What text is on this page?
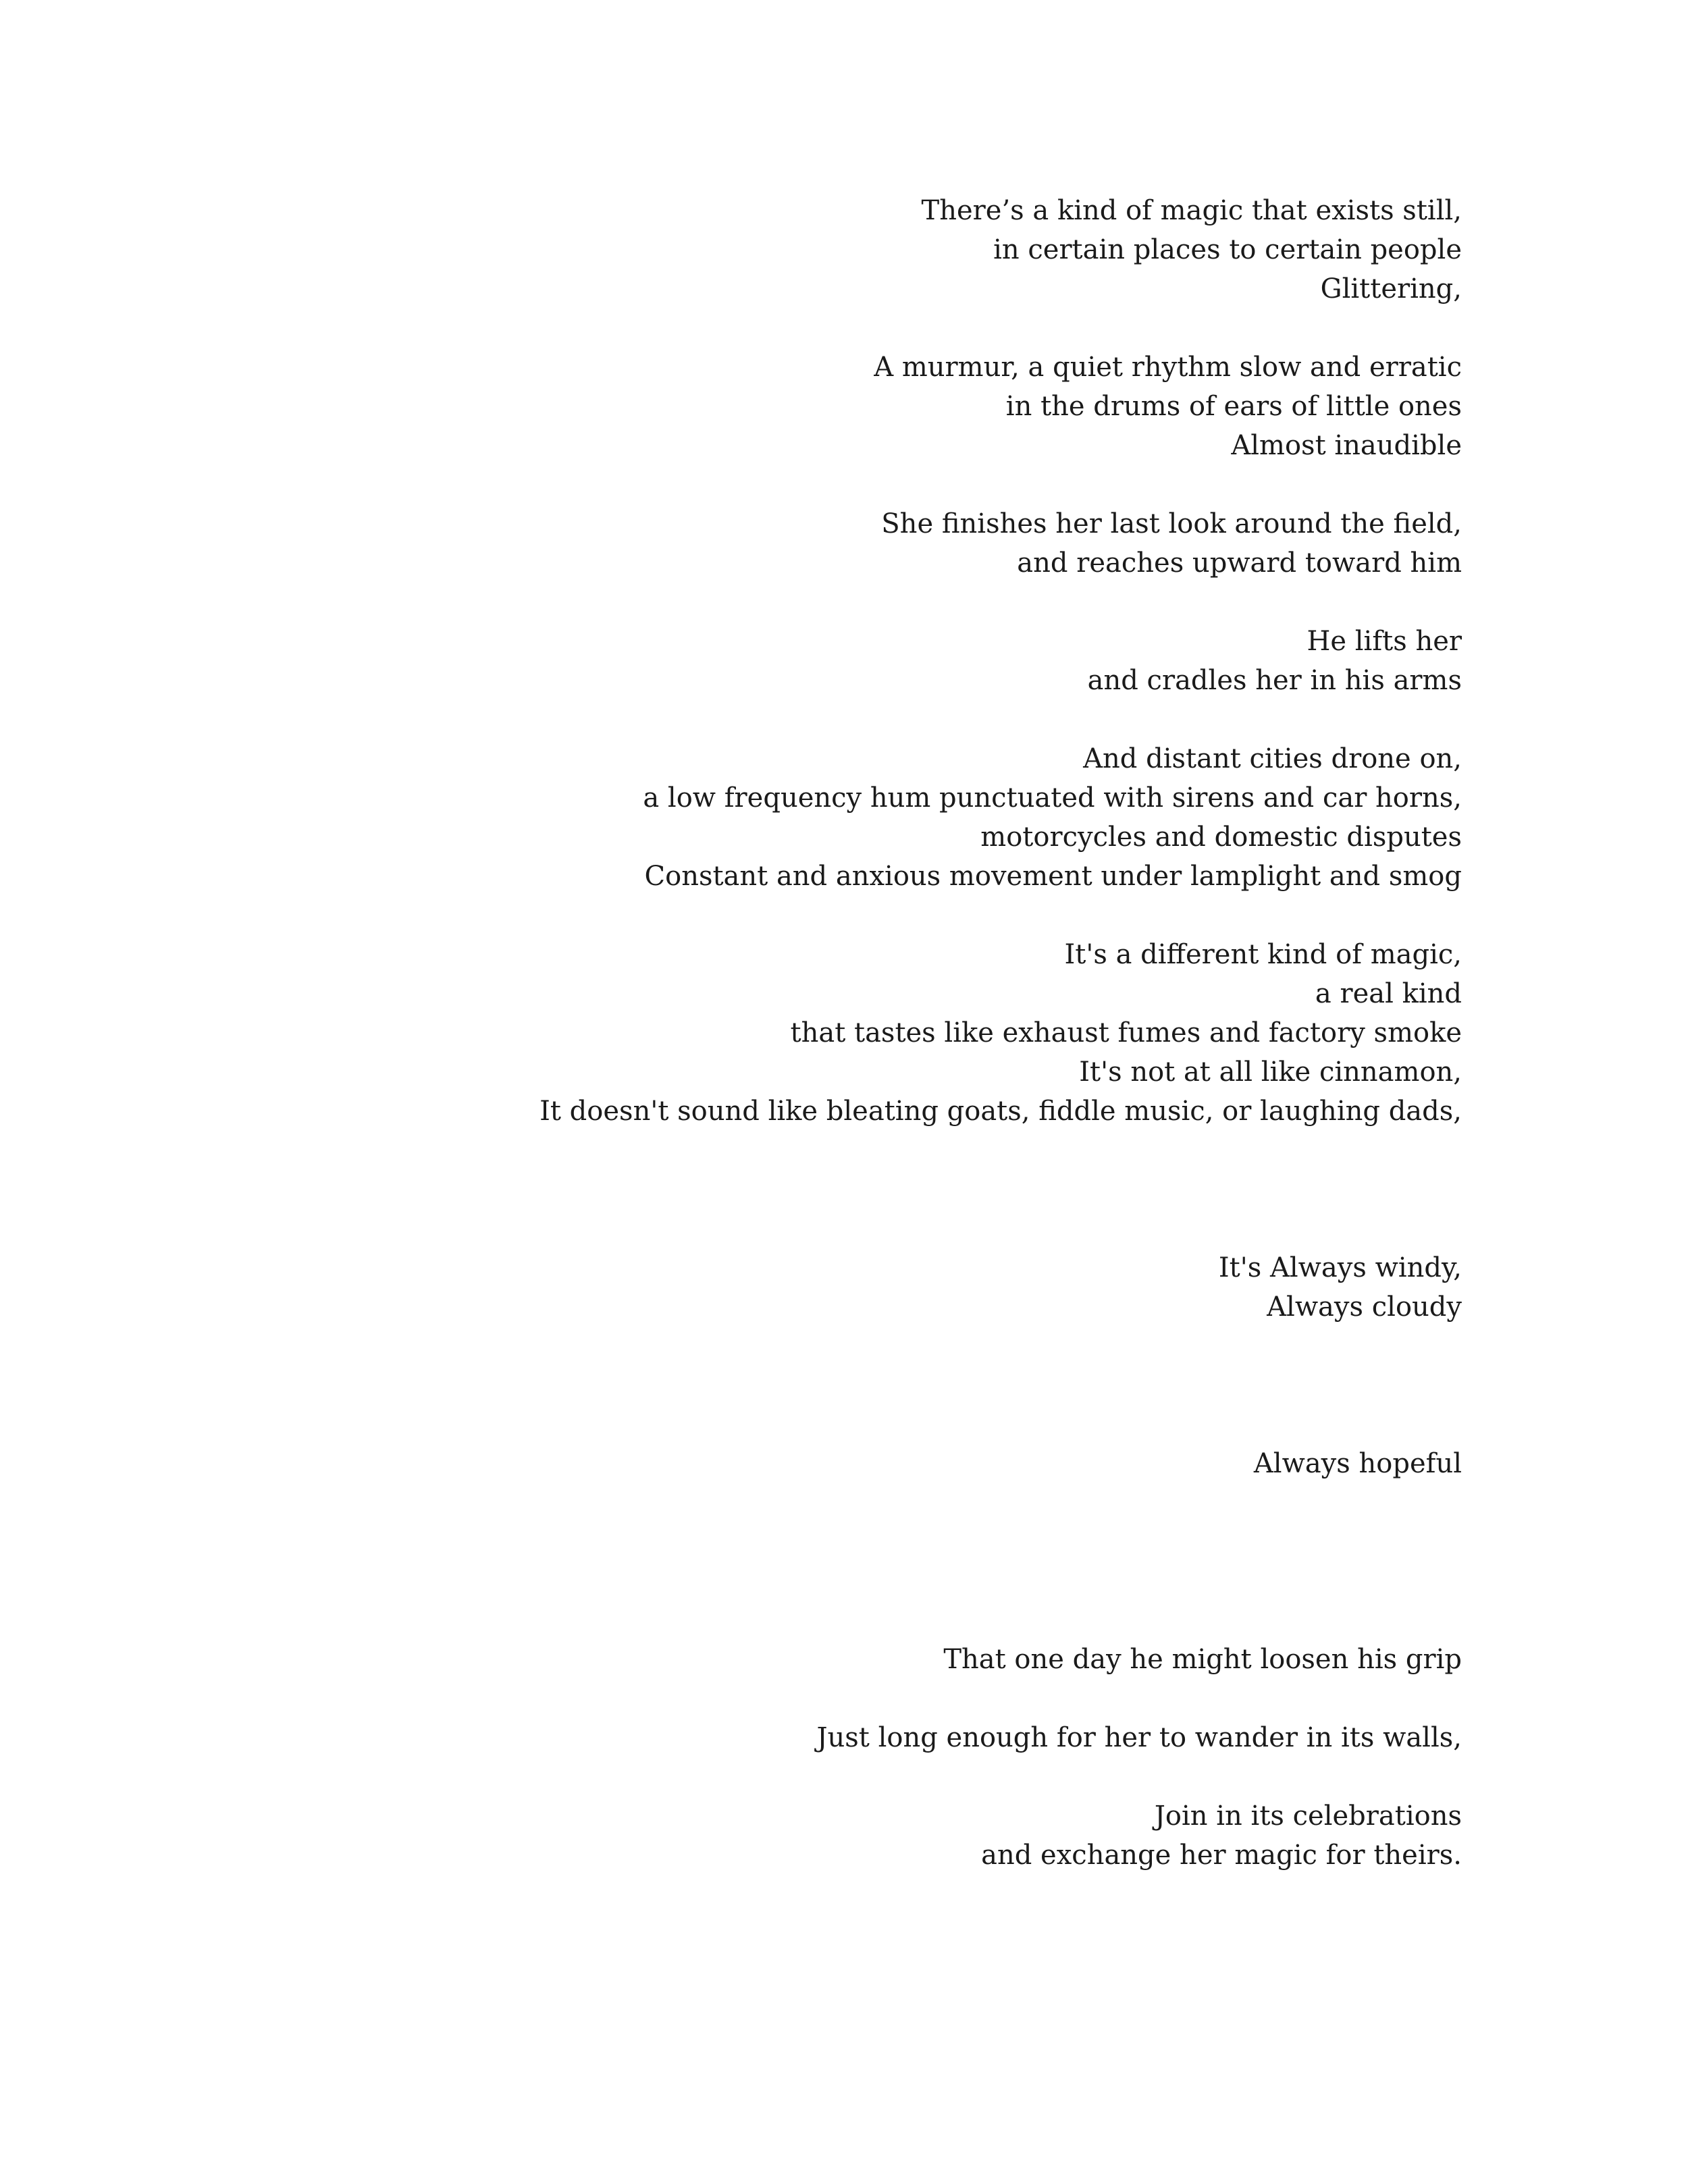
There’s a kind of magic that exists still,
in certain places to certain people
Glittering,
A murmur, a quiet rhythm slow and erratic
in the drums of ears of little ones
Almost inaudible
She finishes her last look around the field,
and reaches upward toward him
He lifts her
and cradles her in his arms
And distant cities drone on,
a low frequency hum punctuated with sirens and car horns,
motorcycles and domestic disputes
Constant and anxious movement under lamplight and smog
It's a different kind of magic,
a real kind
that tastes like exhaust fumes and factory smoke
It's not at all like cinnamon,
It doesn't sound like bleating goats, fiddle music, or laughing dads,
It's Always windy,
Always cloudy
Always hopeful
That one day he might loosen his grip
Just long enough for her to wander in its walls,
Join in its celebrations
and exchange her magic for theirs.
